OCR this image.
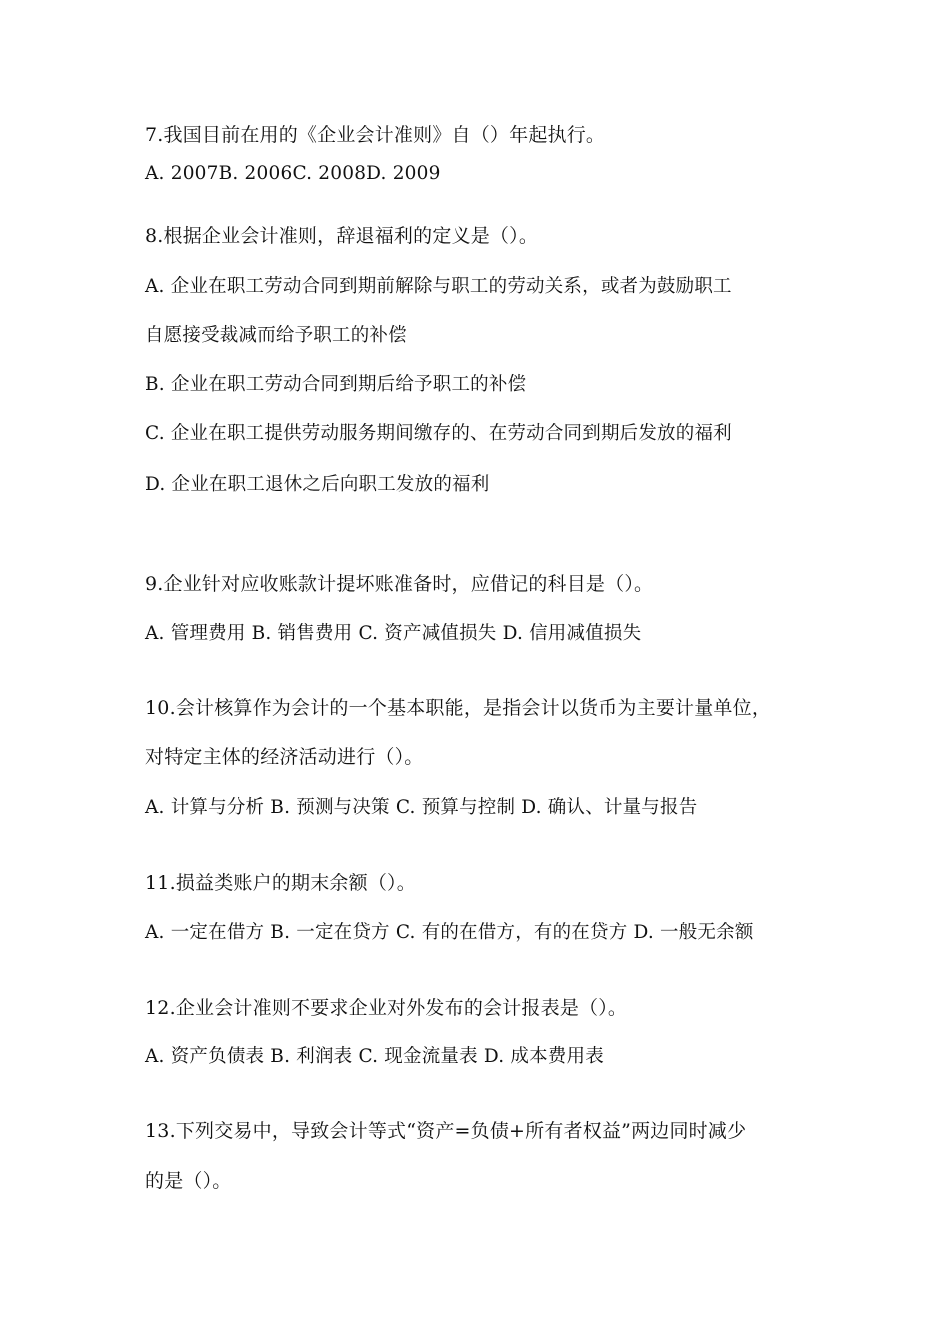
7.我国目前在用的《企业会计准则》自（）年起执行。
A. 2007B. 2006C. 2008D. 2009
8.根据企业会计准则，辞退福利的定义是（）。
A. 企业在职工劳动合同到期前解除与职工的劳动关系，或者为鼓励职工
自愿接受裁减而给予职工的补偿
B. 企业在职工劳动合同到期后给予职工的补偿
C. 企业在职工提供劳动服务期间缴存的、在劳动合同到期后发放的福利
D. 企业在职工退休之后向职工发放的福利
9.企业针对应收账款计提坏账准备时，应借记的科目是（）。
A. 管理费用 B. 销售费用 C. 资产减值损失 D. 信用减值损失
10.会计核算作为会计的一个基本职能，是指会计以货币为主要计量单位，
对特定主体的经济活动进行（）。
A. 计算与分析 B. 预测与决策 C. 预算与控制 D. 确认、计量与报告
11.损益类账户的期末余额（）。
A. 一定在借方 B. 一定在贷方 C. 有的在借方，有的在贷方 D. 一般无余额
12.企业会计准则不要求企业对外发布的会计报表是（）。
A. 资产负债表 B. 利润表 C. 现金流量表 D. 成本费用表
13.下列交易中，导致会计等式“资产=负债+所有者权益”两边同时减少
的是（）。
